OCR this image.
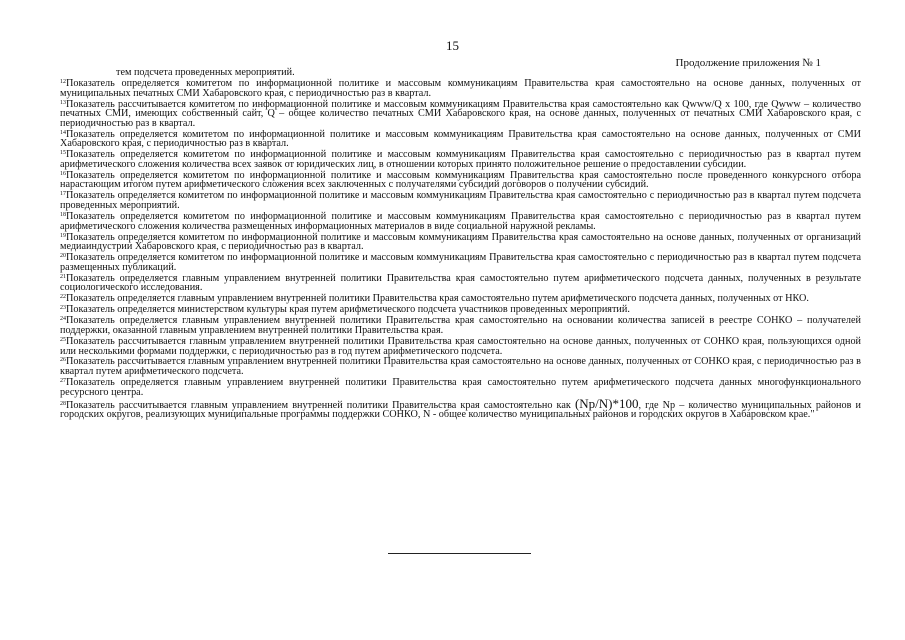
15
Продолжение приложения № 1

тем подсчета проведенных мероприятий.

$^{12}$Показатель определяется комитетом по информационной политике и массовым коммуникациям Правительства края самостоятельно на основе данных, полученных от муниципальных печатных СМИ Хабаровского края, с периодичностью раз в квартал.

$^{13}$Показатель рассчитывается комитетом по информационной политике и массовым коммуникациям Правительства края самостоятельно как Qwww/Q x 100, где Qwww – количество печатных СМИ, имеющих собственный сайт, Q – общее количество печатных СМИ Хабаровского края, на основе данных, полученных от печатных СМИ Хабаровского края, с периодичностью раз в квартал.

$^{14}$Показатель определяется комитетом по информационной политике и массовым коммуникациям Правительства края самостоятельно на основе данных, полученных от СМИ Хабаровского края, с периодичностью раз в квартал.

$^{15}$Показатель определяется комитетом по информационной политике и массовым коммуникациям Правительства края самостоятельно с периодичностью раз в квартал путем арифметического сложения количества всех заявок от юридических лиц, в отношении которых принято положительное решение о предоставлении субсидии.

$^{16}$Показатель определяется комитетом по информационной политике и массовым коммуникациям Правительства края самостоятельно после проведенного конкурсного отбора нарастающим итогом путем арифметического сложения всех заключенных с получателями субсидий договоров о получении субсидий.

$^{17}$Показатель определяется комитетом по информационной политике и массовым коммуникациям Правительства края самостоятельно с периодичностью раз в квартал путем подсчета проведенных мероприятий.

$^{18}$Показатель определяется комитетом по информационной политике и массовым коммуникациям Правительства края самостоятельно с периодичностью раз в квартал путем арифметического сложения количества размещенных информационных материалов в виде социальной наружной рекламы.

$^{19}$Показатель определяется комитетом по информационной политике и массовым коммуникациям Правительства края самостоятельно на основе данных, полученных от организаций медиаиндустрии Хабаровского края, с периодичностью раз в квартал.

$^{20}$Показатель определяется комитетом по информационной политике и массовым коммуникациям Правительства края самостоятельно с периодичностью раз в квартал путем подсчета размещенных публикаций.

$^{21}$Показатель определяется главным управлением внутренней политики Правительства края самостоятельно путем арифметического подсчета данных, полученных в результате социологического исследования.

$^{22}$Показатель определяется главным управлением внутренней политики Правительства края самостоятельно путем арифметического подсчета данных, полученных от НКО.

$^{23}$Показатель определяется министерством культуры края путем арифметического подсчета участников проведенных мероприятий.

$^{24}$Показатель определяется главным управлением внутренней политики Правительства края самостоятельно на основании количества записей в реестре СОНКО – получателей поддержки, оказанной главным управлением внутренней политики Правительства края.

$^{25}$Показатель рассчитывается главным управлением внутренней политики Правительства края самостоятельно на основе данных, полученных от СОНКО края, пользующихся одной или несколькими формами поддержки, с периодичностью раз в год путем арифметического подсчета.

$^{26}$Показатель рассчитывается главным управлением внутренней политики Правительства края самостоятельно на основе данных, полученных от СОНКО края, с периодичностью раз в квартал путем арифметического подсчета.

$^{27}$Показатель определяется главным управлением внутренней политики Правительства края самостоятельно путем арифметического подсчета данных многофункционального ресурсного центра.

$^{28}$Показатель рассчитывается главным управлением внутренней политики Правительства края самостоятельно как (Np/N)*100, где Np – количество муниципальных районов и городских округов, реализующих муниципальные программы поддержки СОНКО, N - общее количество муниципальных районов и городских округов в Хабаровском крае."
